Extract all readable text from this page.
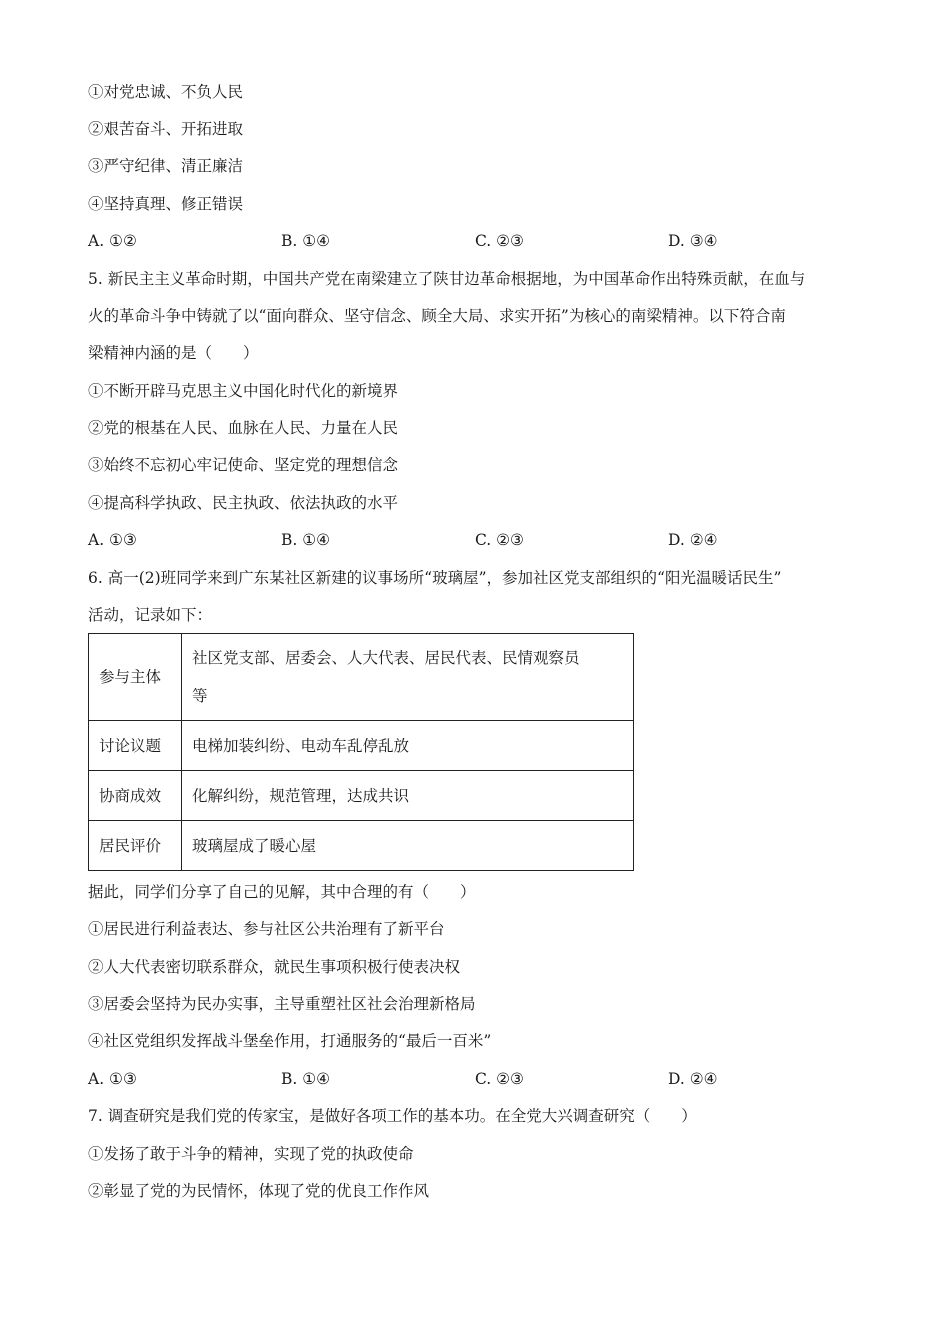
①对党忠诚、不负人民
②艰苦奋斗、开拓进取
③严守纪律、清正廉洁
④坚持真理、修正错误
A. ①②	B. ①④	C. ②③	D. ③④
5. 新民主主义革命时期，中国共产党在南梁建立了陕甘边革命根据地，为中国革命作出特殊贡献，在血与
火的革命斗争中铸就了以“面向群众、坚守信念、顾全大局、求实开拓”为核心的南梁精神。以下符合南
梁精神内涵的是（　　）
①不断开辟马克思主义中国化时代化的新境界
②党的根基在人民、血脉在人民、力量在人民
③始终不忘初心牢记使命、坚定党的理想信念
④提高科学执政、民主执政、依法执政的水平
A. ①③	B. ①④	C. ②③	D. ②④
6. 高一(2)班同学来到广东某社区新建的议事场所“玻璃屋”，参加社区党支部组织的“阳光温暖话民生”
活动，记录如下：
参与主体	社区党支部、居委会、人大代表、居民代表、民情观察员
等
讨论议题	电梯加装纠纷、电动车乱停乱放
协商成效	化解纠纷，规范管理，达成共识
居民评价	玻璃屋成了暖心屋
据此，同学们分享了自己的见解，其中合理的有（　　）
①居民进行利益表达、参与社区公共治理有了新平台
②人大代表密切联系群众，就民生事项积极行使表决权
③居委会坚持为民办实事，主导重塑社区社会治理新格局
④社区党组织发挥战斗堡垒作用，打通服务的“最后一百米”
A. ①③	B. ①④	C. ②③	D. ②④
7. 调查研究是我们党的传家宝，是做好各项工作的基本功。在全党大兴调查研究（　　）
①发扬了敢于斗争的精神，实现了党的执政使命
②彰显了党的为民情怀，体现了党的优良工作作风
